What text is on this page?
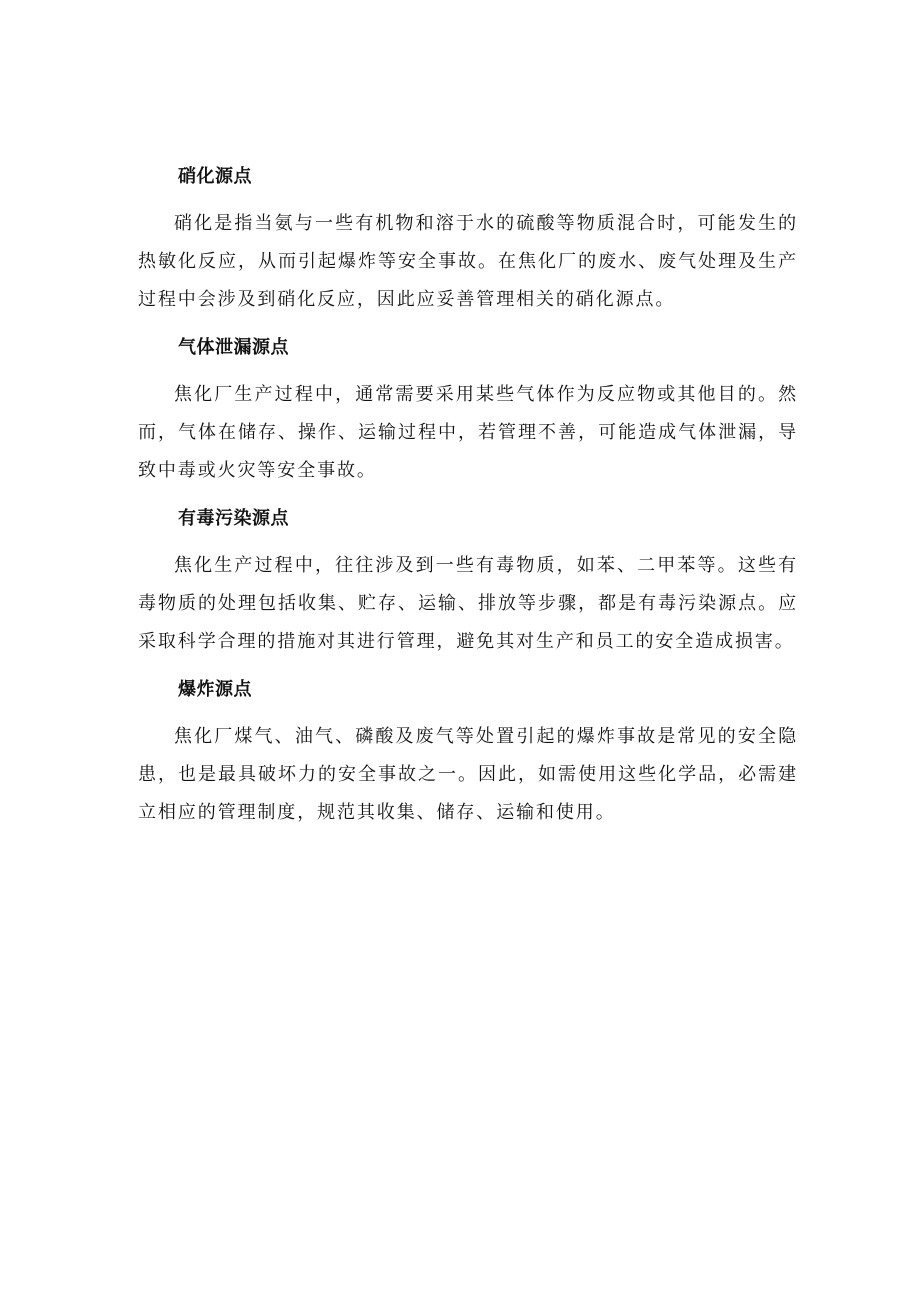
硝化源点

硝化是指当氨与一些有机物和溶于水的硫酸等物质混合时，可能发生的热敏化反应，从而引起爆炸等安全事故。在焦化厂的废水、废气处理及生产过程中会涉及到硝化反应，因此应妥善管理相关的硝化源点。

气体泄漏源点

焦化厂生产过程中，通常需要采用某些气体作为反应物或其他目的。然而，气体在储存、操作、运输过程中，若管理不善，可能造成气体泄漏，导致中毒或火灾等安全事故。

有毒污染源点

焦化生产过程中，往往涉及到一些有毒物质，如苯、二甲苯等。这些有毒物质的处理包括收集、贮存、运输、排放等步骤，都是有毒污染源点。应采取科学合理的措施对其进行管理，避免其对生产和员工的安全造成损害。

爆炸源点

焦化厂煤气、油气、磷酸及废气等处置引起的爆炸事故是常见的安全隐患，也是最具破坏力的安全事故之一。因此，如需使用这些化学品，必需建立相应的管理制度，规范其收集、储存、运输和使用。
